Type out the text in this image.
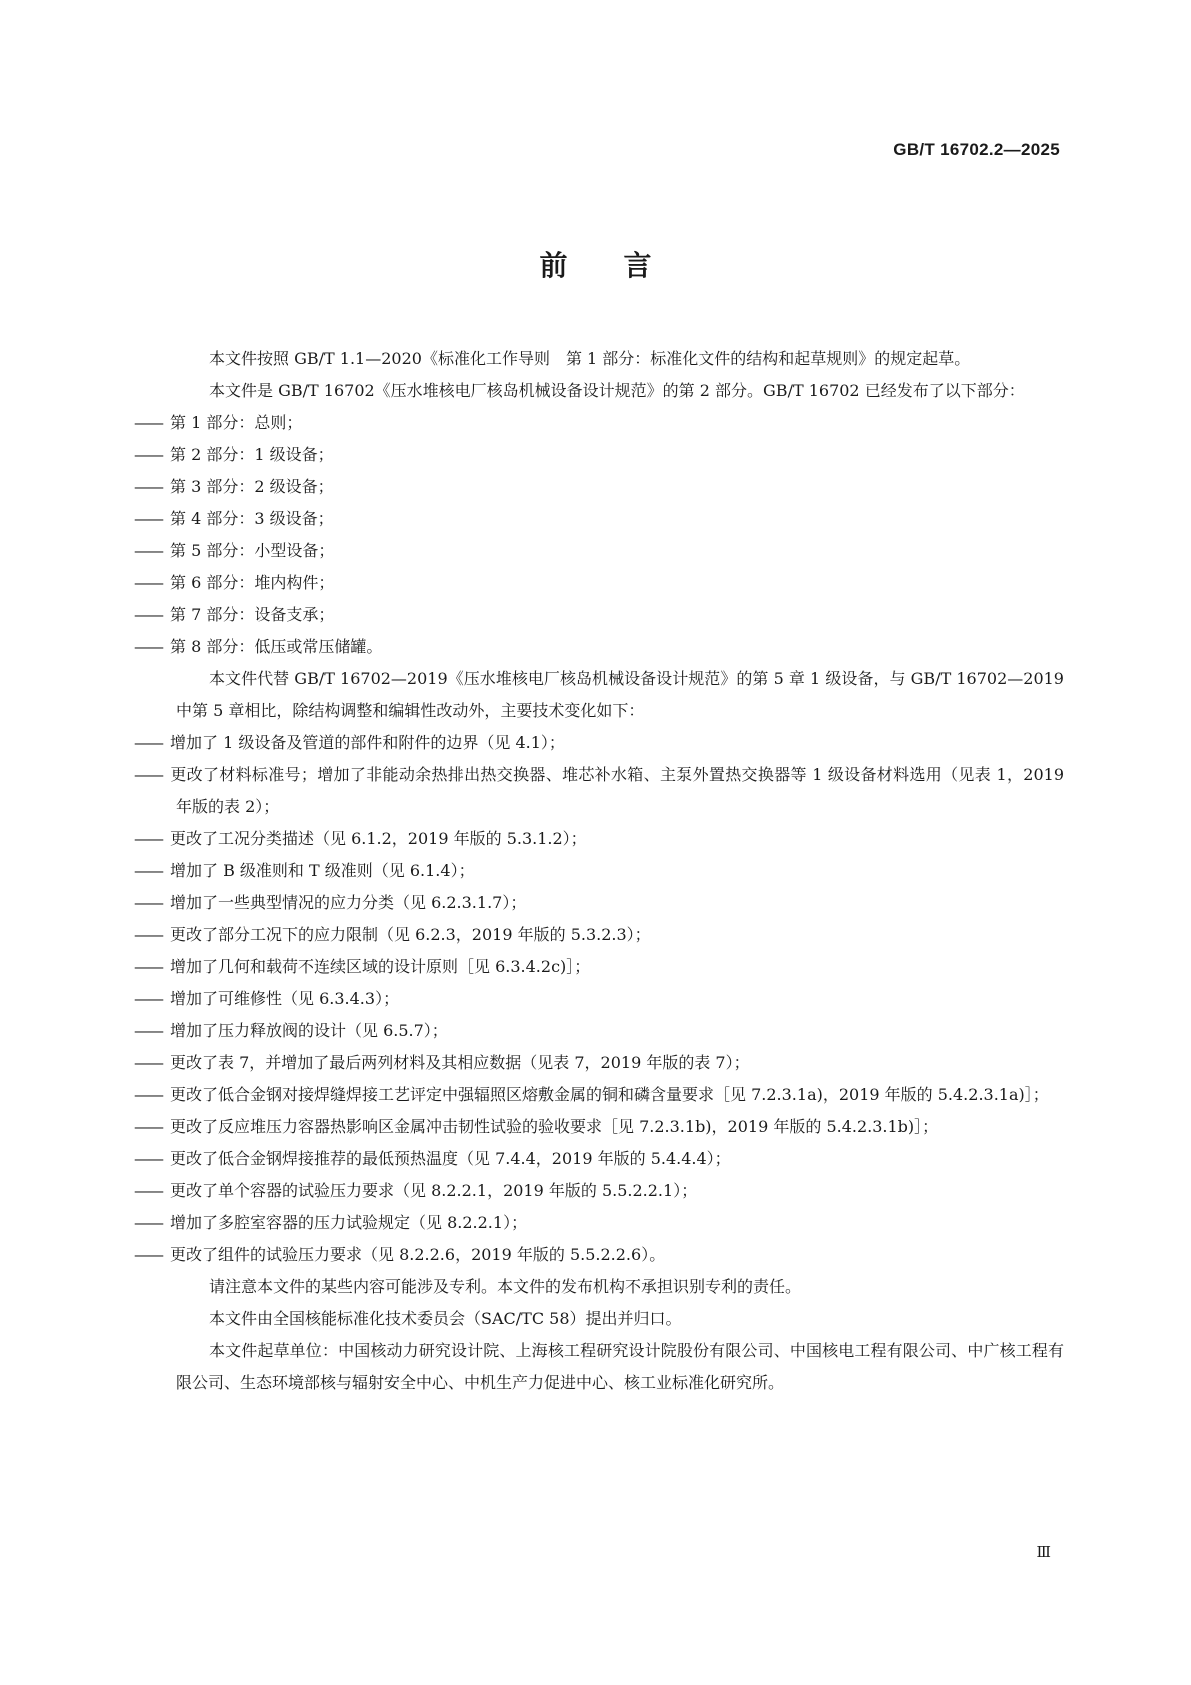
GB/T 16702.2—2025

前言

本文件按照 GB/T 1.1—2020《标准化工作导则　第 1 部分：标准化文件的结构和起草规则》的规定起草。

本文件是 GB/T 16702《压水堆核电厂核岛机械设备设计规范》的第 2 部分。GB/T 16702 已经发布了以下部分：

—— 第 1 部分：总则；

—— 第 2 部分：1 级设备；

—— 第 3 部分：2 级设备；

—— 第 4 部分：3 级设备；

—— 第 5 部分：小型设备；

—— 第 6 部分：堆内构件；

—— 第 7 部分：设备支承；

—— 第 8 部分：低压或常压储罐。

本文件代替 GB/T 16702—2019《压水堆核电厂核岛机械设备设计规范》的第 5 章 1 级设备，与 GB/T 16702—2019 中第 5 章相比，除结构调整和编辑性改动外，主要技术变化如下：

—— 增加了 1 级设备及管道的部件和附件的边界（见 4.1）；

—— 更改了材料标准号；增加了非能动余热排出热交换器、堆芯补水箱、主泵外置热交换器等 1 级设备材料选用（见表 1，2019 年版的表 2）；

—— 更改了工况分类描述（见 6.1.2，2019 年版的 5.3.1.2）；

—— 增加了 B 级准则和 T 级准则（见 6.1.4）；

—— 增加了一些典型情况的应力分类（见 6.2.3.1.7）；

—— 更改了部分工况下的应力限制（见 6.2.3，2019 年版的 5.3.2.3）；

—— 增加了几何和载荷不连续区域的设计原则［见 6.3.4.2c)］；

—— 增加了可维修性（见 6.3.4.3）；

—— 增加了压力释放阀的设计（见 6.5.7）；

—— 更改了表 7，并增加了最后两列材料及其相应数据（见表 7，2019 年版的表 7）；

—— 更改了低合金钢对接焊缝焊接工艺评定中强辐照区熔敷金属的铜和磷含量要求［见 7.2.3.1a)，2019 年版的 5.4.2.3.1a)］；

—— 更改了反应堆压力容器热影响区金属冲击韧性试验的验收要求［见 7.2.3.1b)，2019 年版的 5.4.2.3.1b)］；

—— 更改了低合金钢焊接推荐的最低预热温度（见 7.4.4，2019 年版的 5.4.4.4）；

—— 更改了单个容器的试验压力要求（见 8.2.2.1，2019 年版的 5.5.2.2.1）；

—— 增加了多腔室容器的压力试验规定（见 8.2.2.1）；

—— 更改了组件的试验压力要求（见 8.2.2.6，2019 年版的 5.5.2.2.6）。

请注意本文件的某些内容可能涉及专利。本文件的发布机构不承担识别专利的责任。

本文件由全国核能标准化技术委员会（SAC/TC 58）提出并归口。

本文件起草单位：中国核动力研究设计院、上海核工程研究设计院股份有限公司、中国核电工程有限公司、中广核工程有限公司、生态环境部核与辐射安全中心、中机生产力促进中心、核工业标准化研究所。

Ⅲ
